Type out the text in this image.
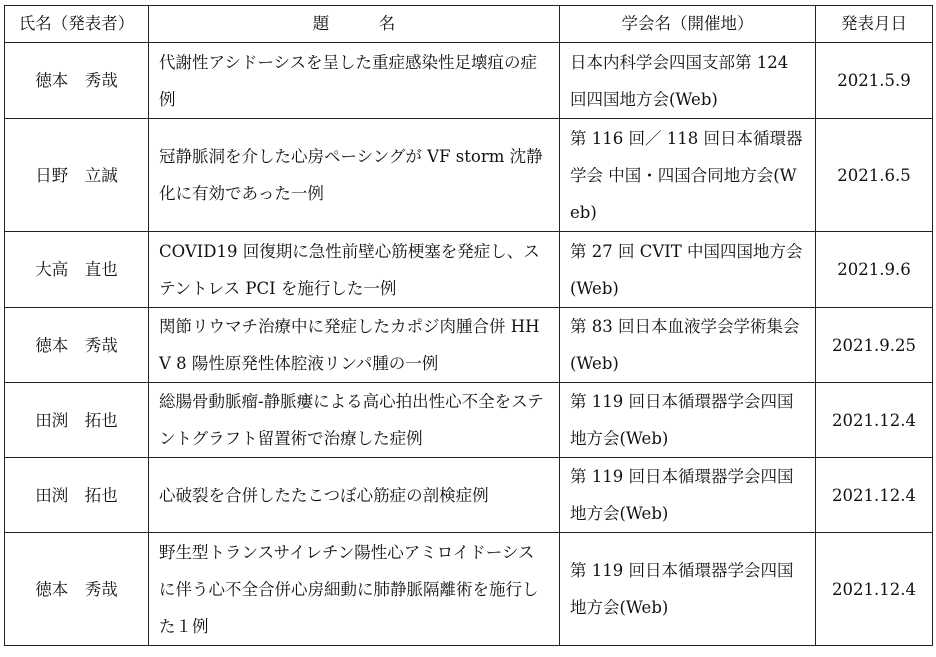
氏名（発表者）	題　　　名	学会名（開催地）	発表月日
徳本　秀哉	代謝性アシドーシスを呈した重症感染性足壊疽の症例	日本内科学会四国支部第 124 回四国地方会(Web)	2021.5.9
日野　立誠	冠静脈洞を介した心房ペーシングが VF storm 沈静化に有効であった一例	第 116 回／ 118 回日本循環器学会 中国・四国合同地方会(Web)	2021.6.5
大高　直也	COVID19 回復期に急性前壁心筋梗塞を発症し、ステントレス PCI を施行した一例	第 27 回 CVIT 中国四国地方会(Web)	2021.9.6
徳本　秀哉	関節リウマチ治療中に発症したカポジ肉腫合併 HHV 8 陽性原発性体腔液リンパ腫の一例	第 83 回日本血液学会学術集会(Web)	2021.9.25
田渕　拓也	総腸骨動脈瘤-静脈瘻による高心拍出性心不全をステントグラフト留置術で治療した症例	第 119 回日本循環器学会四国地方会(Web)	2021.12.4
田渕　拓也	心破裂を合併したたこつぼ心筋症の剖検症例	第 119 回日本循環器学会四国地方会(Web)	2021.12.4
徳本　秀哉	野生型トランスサイレチン陽性心アミロイドーシスに伴う心不全合併心房細動に肺静脈隔離術を施行した１例	第 119 回日本循環器学会四国地方会(Web)	2021.12.4
